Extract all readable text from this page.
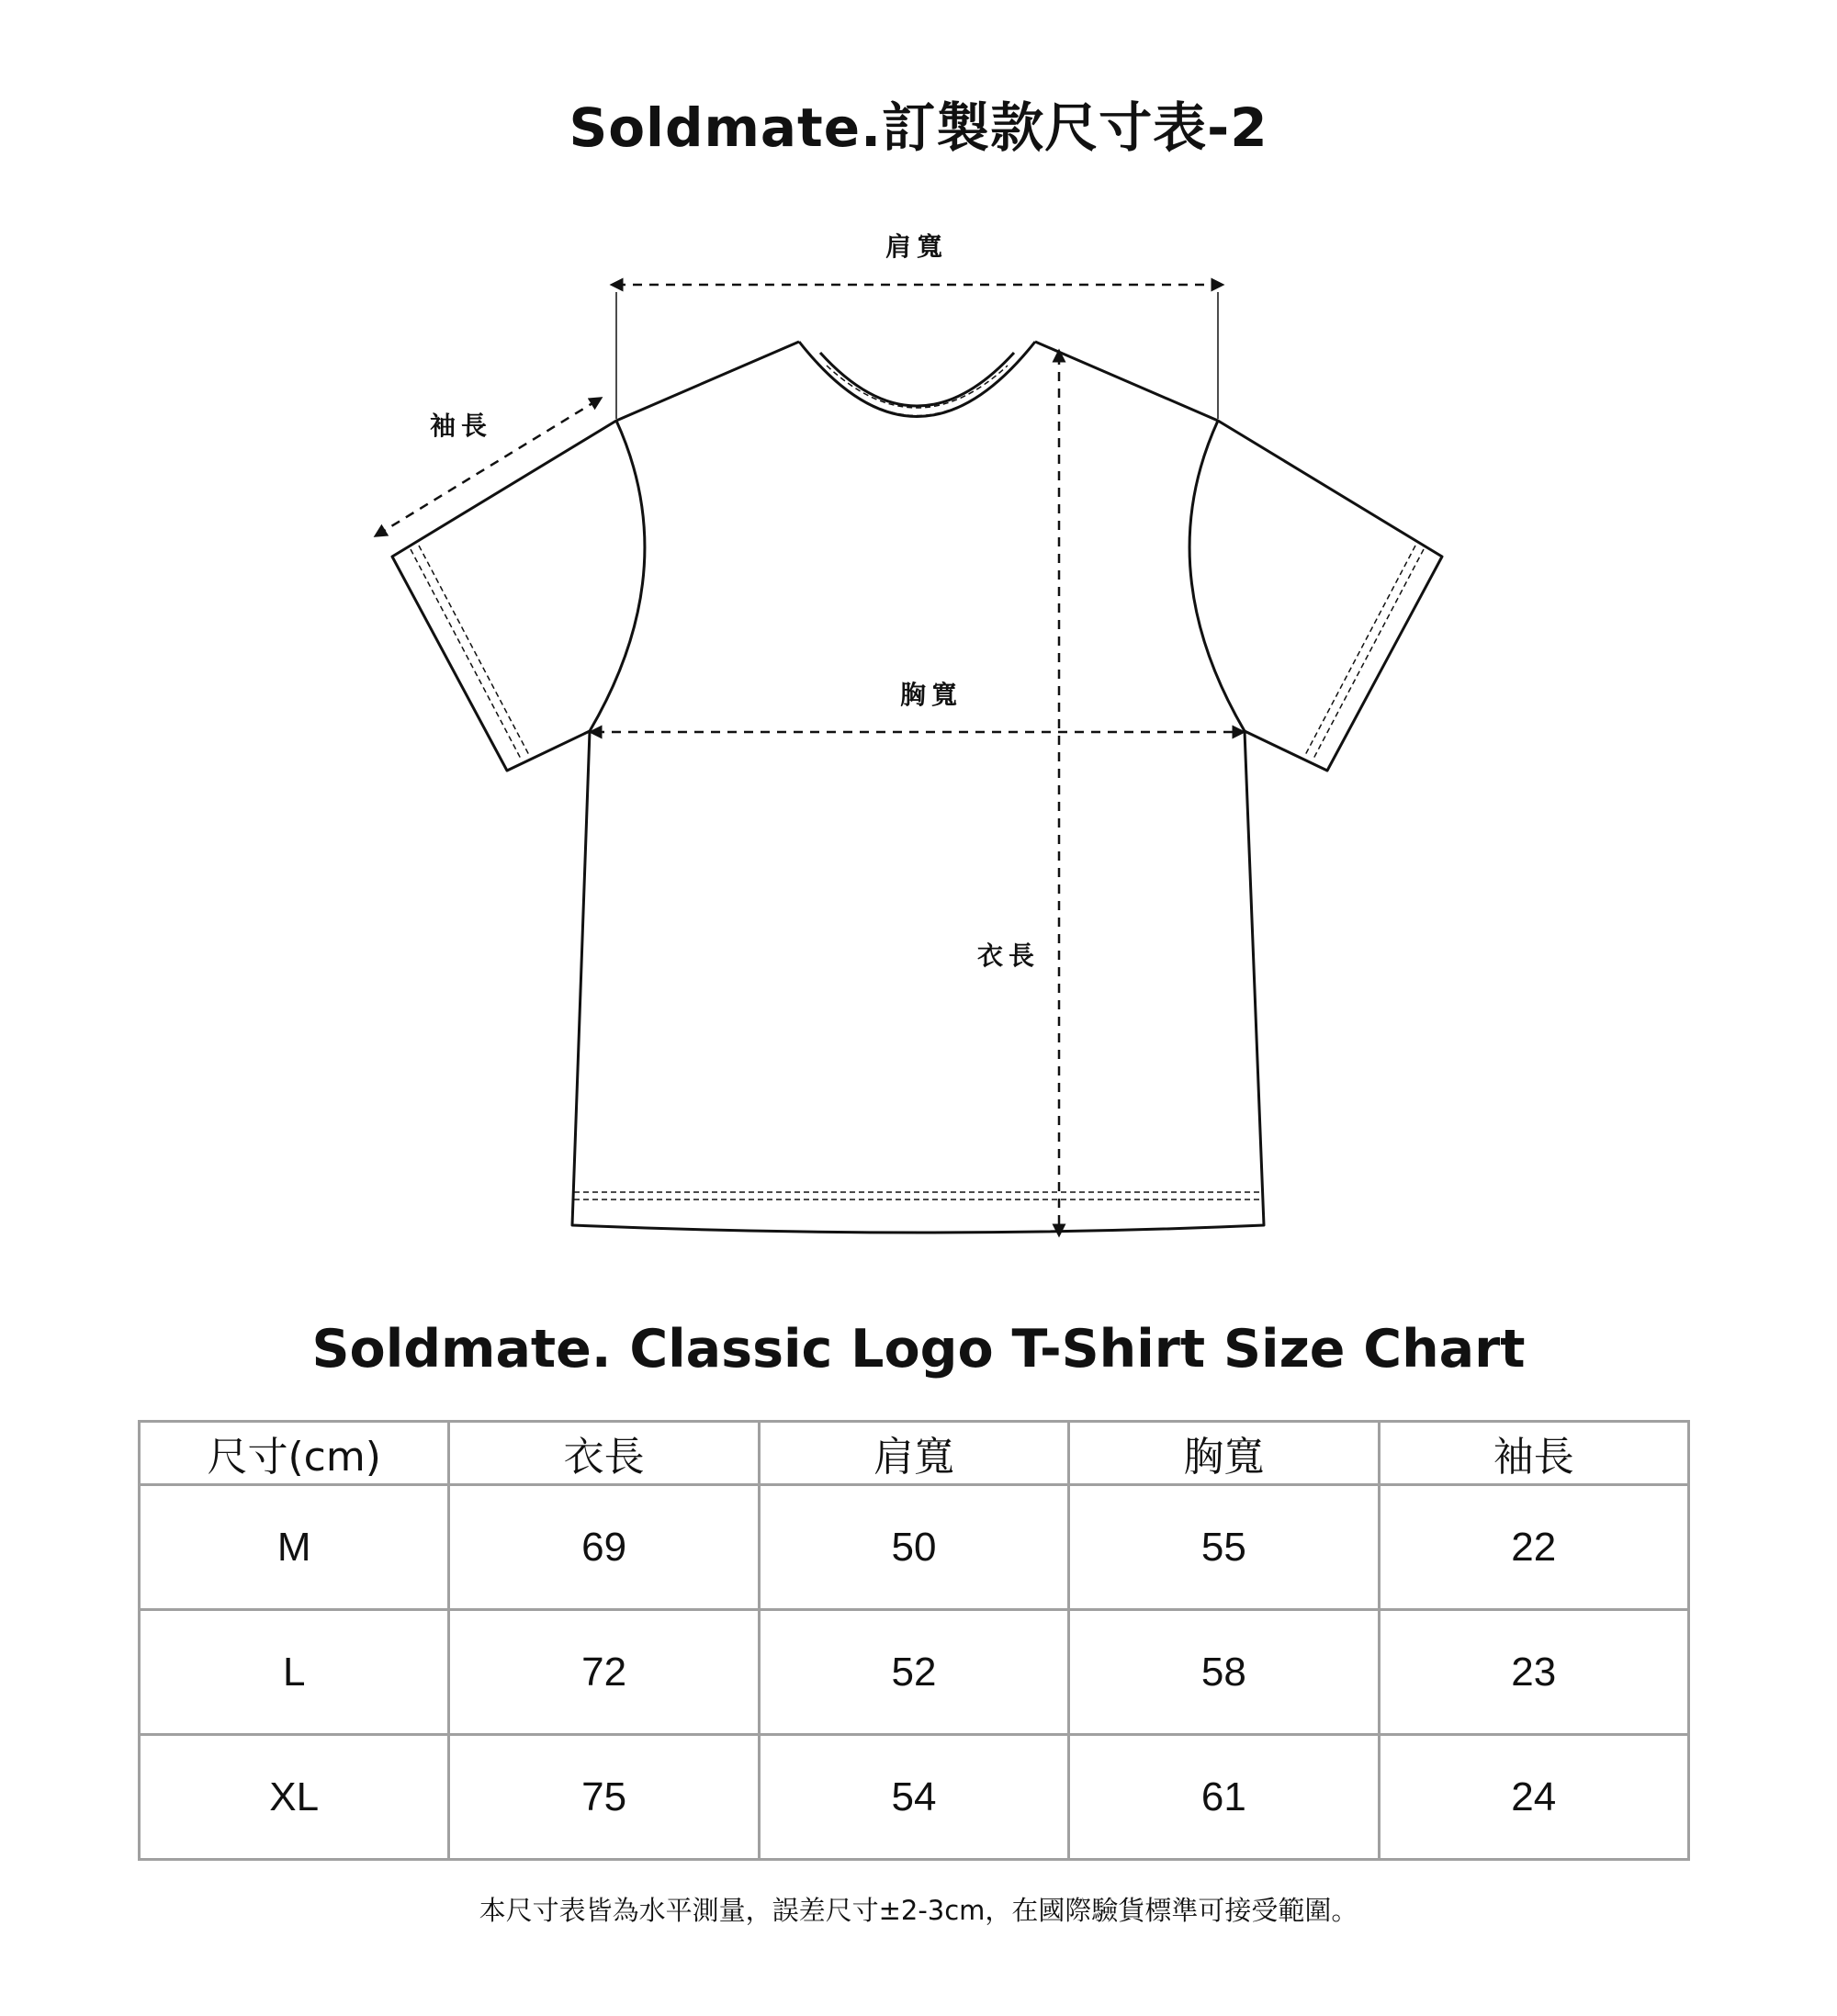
Soldmate.訂製款尺寸表-2
肩寬
袖長
胸寬
衣長
Soldmate. Classic Logo T-Shirt Size Chart
尺寸(cm)	衣長	肩寬	胸寬	袖長
M	69	50	55	22
L	72	52	58	23
XL	75	54	61	24
本尺寸表皆為水平測量，誤差尺寸±2-3cm，在國際驗貨標準可接受範圍。
